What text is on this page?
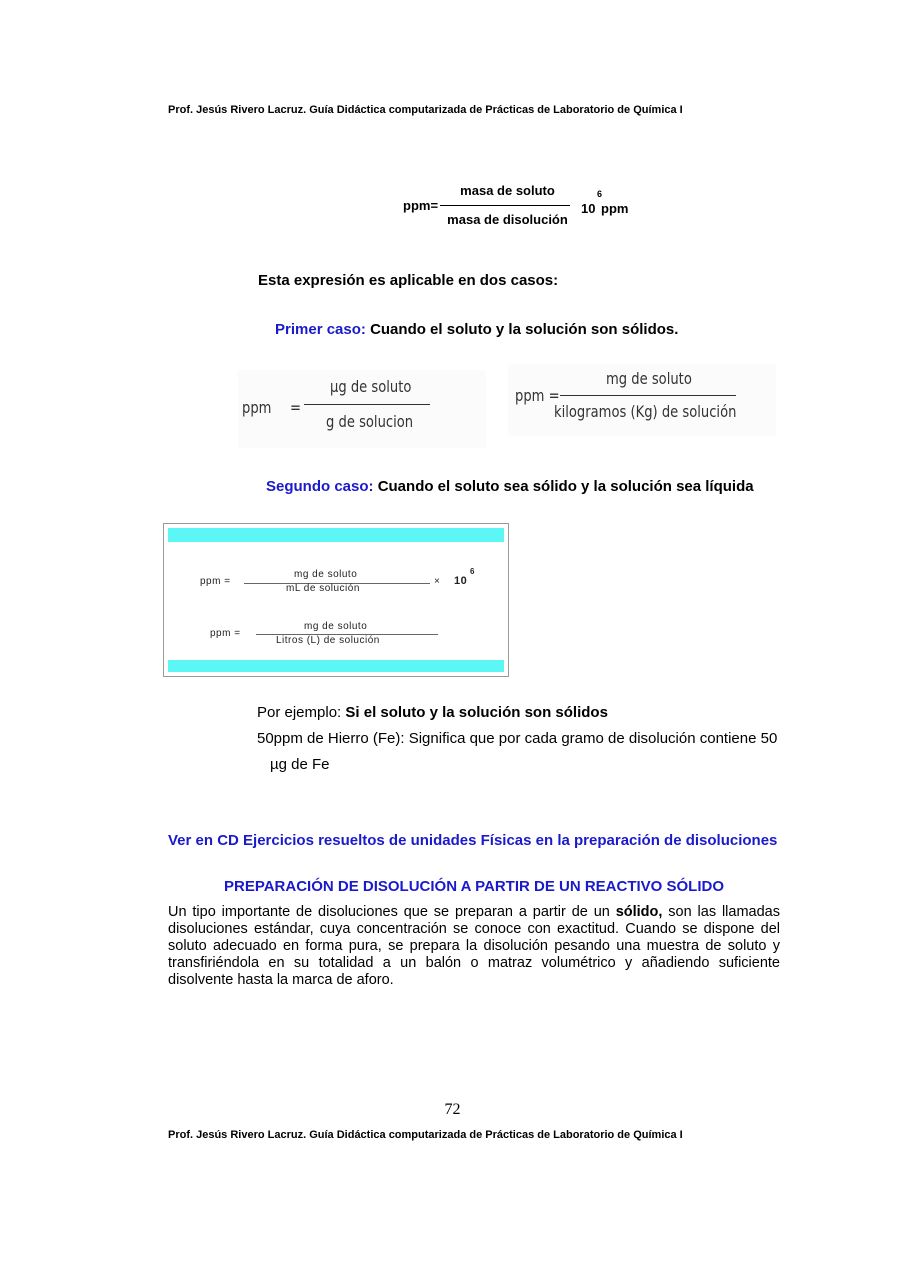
Prof. Jesús Rivero Lacruz. Guía Didáctica computarizada de Prácticas de Laboratorio de Química I
ppm=
masa de soluto
masa de disolución
10
6
ppm
Esta expresión es aplicable en dos casos:
Primer caso: Cuando el soluto y la solución son sólidos.
ppm =
µg de soluto
g de solucion
ppm =
mg de soluto
kilogramos (Kg) de solución
Segundo caso: Cuando el soluto sea sólido y la solución sea líquida
ppm =
mg de soluto
mL de solución
× 10
6
ppm =
mg de soluto
Litros (L) de solución
Por ejemplo: Si el soluto y la solución son sólidos
50ppm de Hierro (Fe): Significa que por cada gramo de disolución contiene 50
µg de Fe
Ver en CD Ejercicios resueltos de unidades Físicas en la preparación de disoluciones
PREPARACIÓN DE DISOLUCIÓN A PARTIR DE UN REACTIVO SÓLIDO
Un tipo importante de disoluciones que se preparan a partir de un sólido, son las llamadas disoluciones estándar, cuya concentración se conoce con exactitud. Cuando se dispone del soluto adecuado en forma pura, se prepara la disolución pesando una muestra de soluto y transfiriéndola en su totalidad a un balón o matraz volumétrico y añadiendo suficiente disolvente hasta la marca de aforo.
72
Prof. Jesús Rivero Lacruz. Guía Didáctica computarizada de Prácticas de Laboratorio de Química I
